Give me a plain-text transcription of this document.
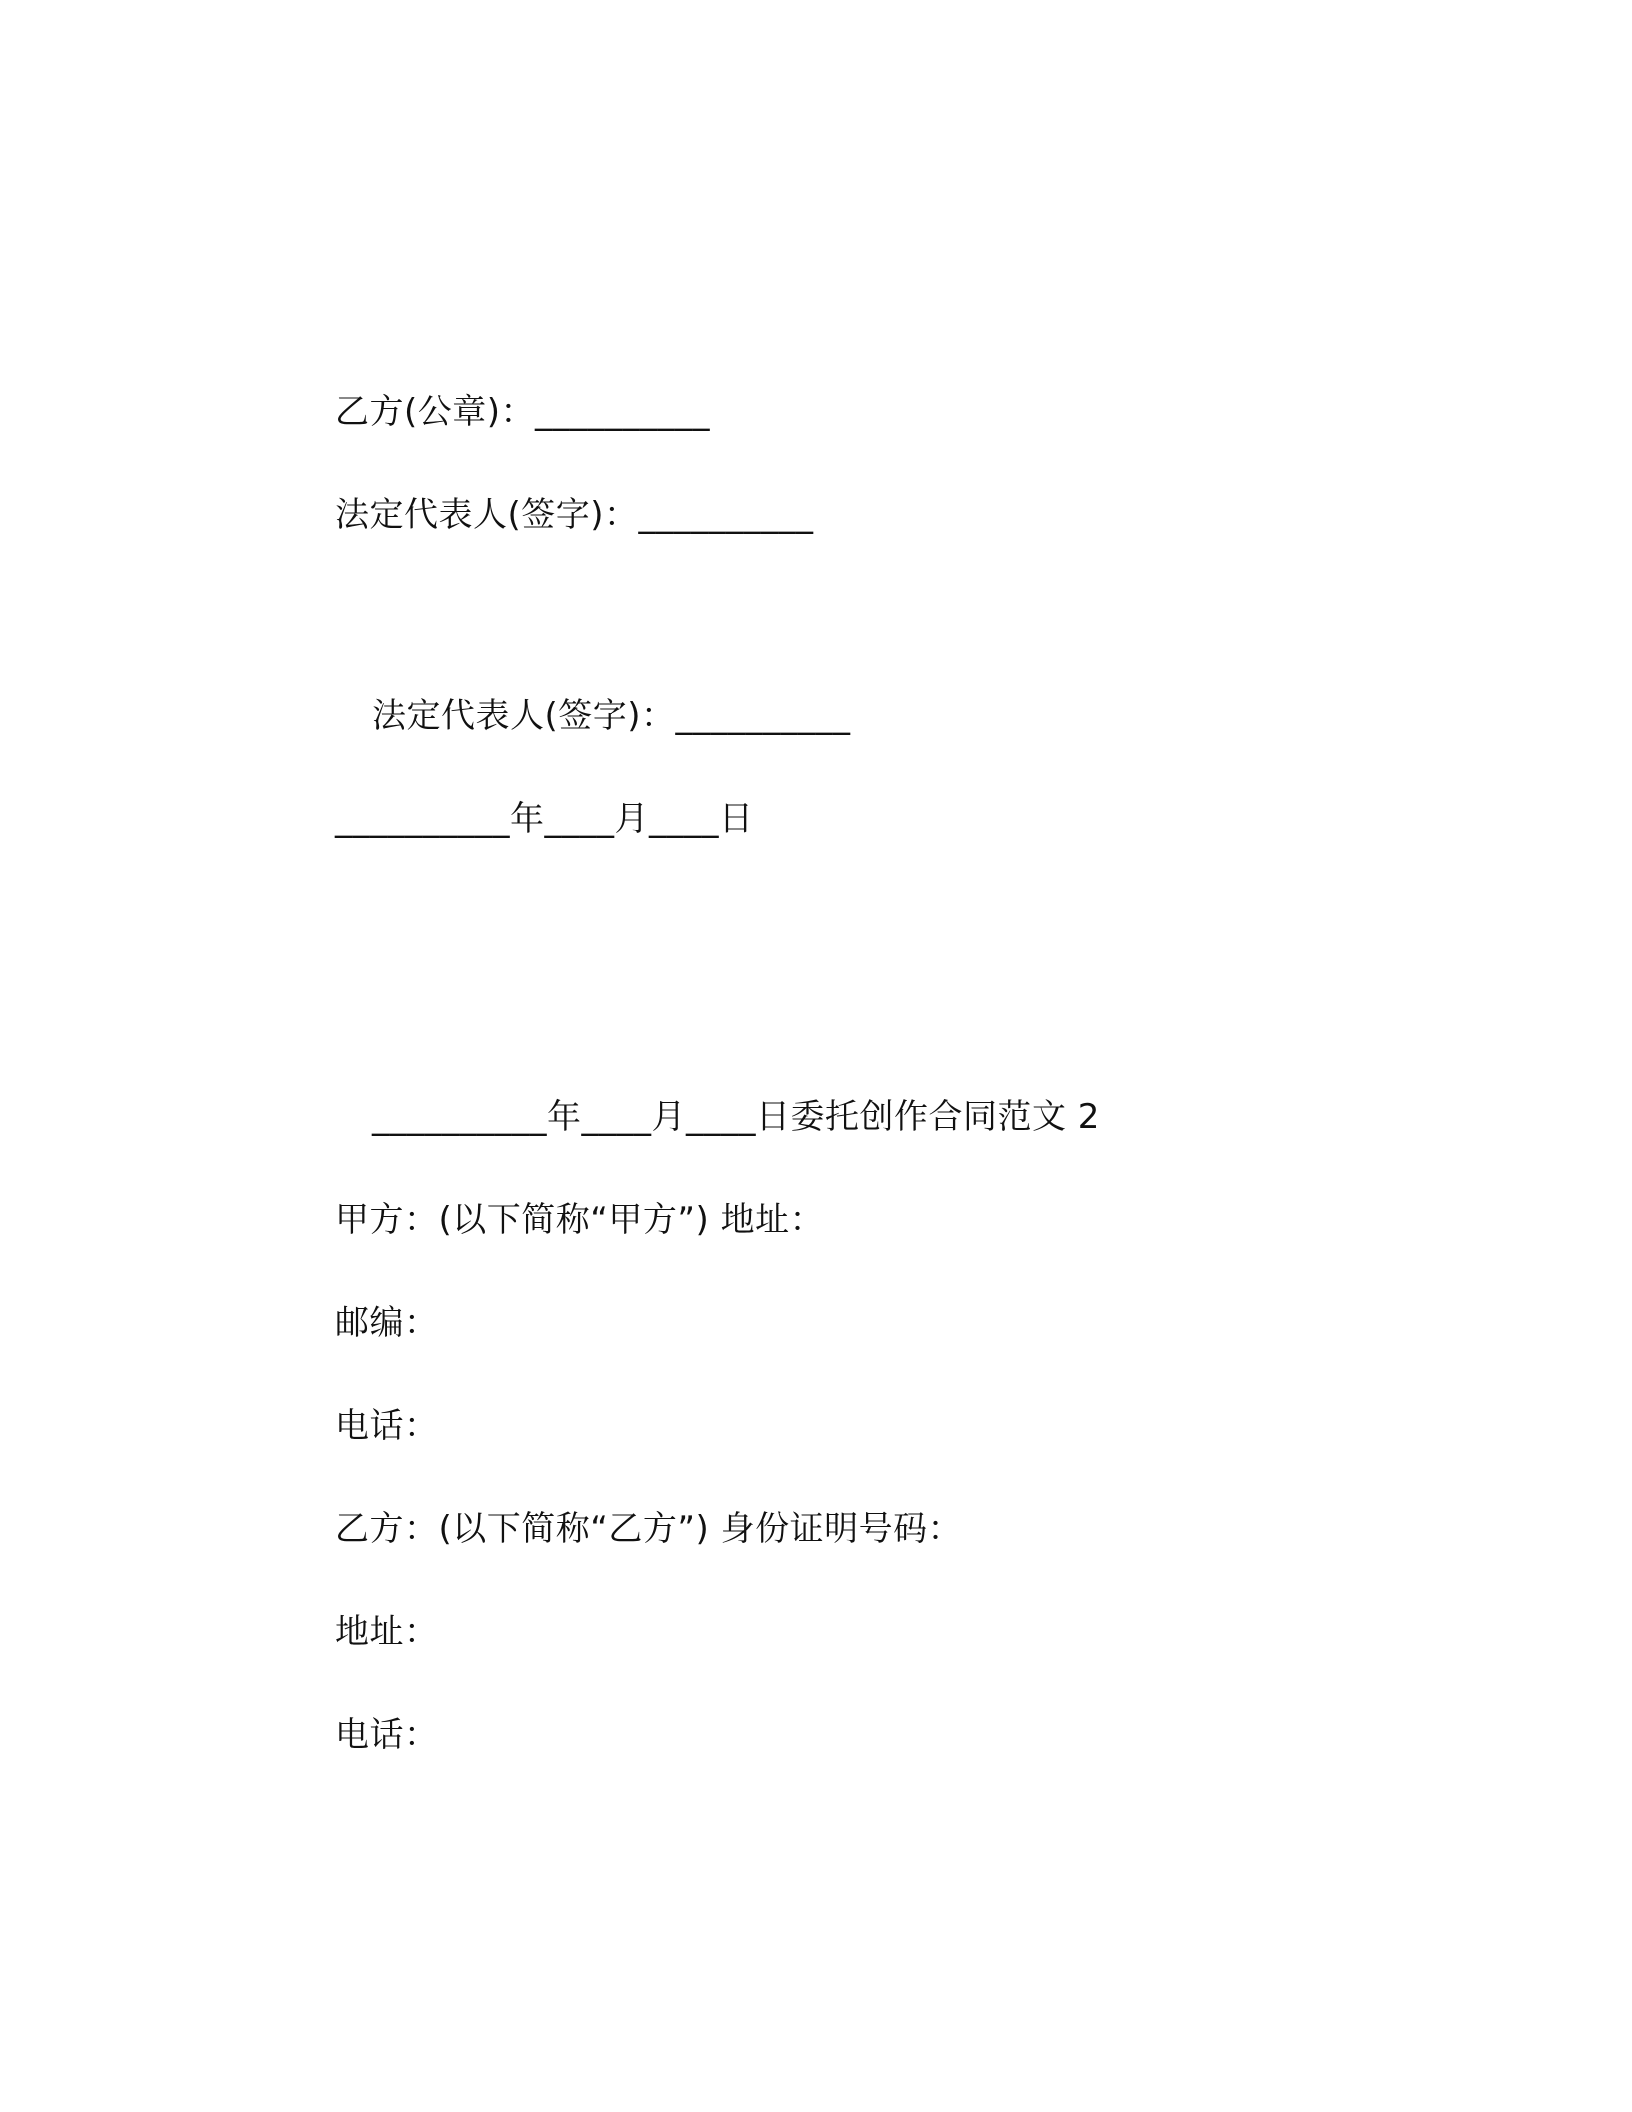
乙方(公章)：__________
法定代表人(签字)：__________
法定代表人(签字)：__________
__________年____月____日
__________年____月____日委托创作合同范文 2
甲方：(以下简称“甲方”) 地址：
邮编：
电话：
乙方：(以下简称“乙方”) 身份证明号码：
地址：
电话：
